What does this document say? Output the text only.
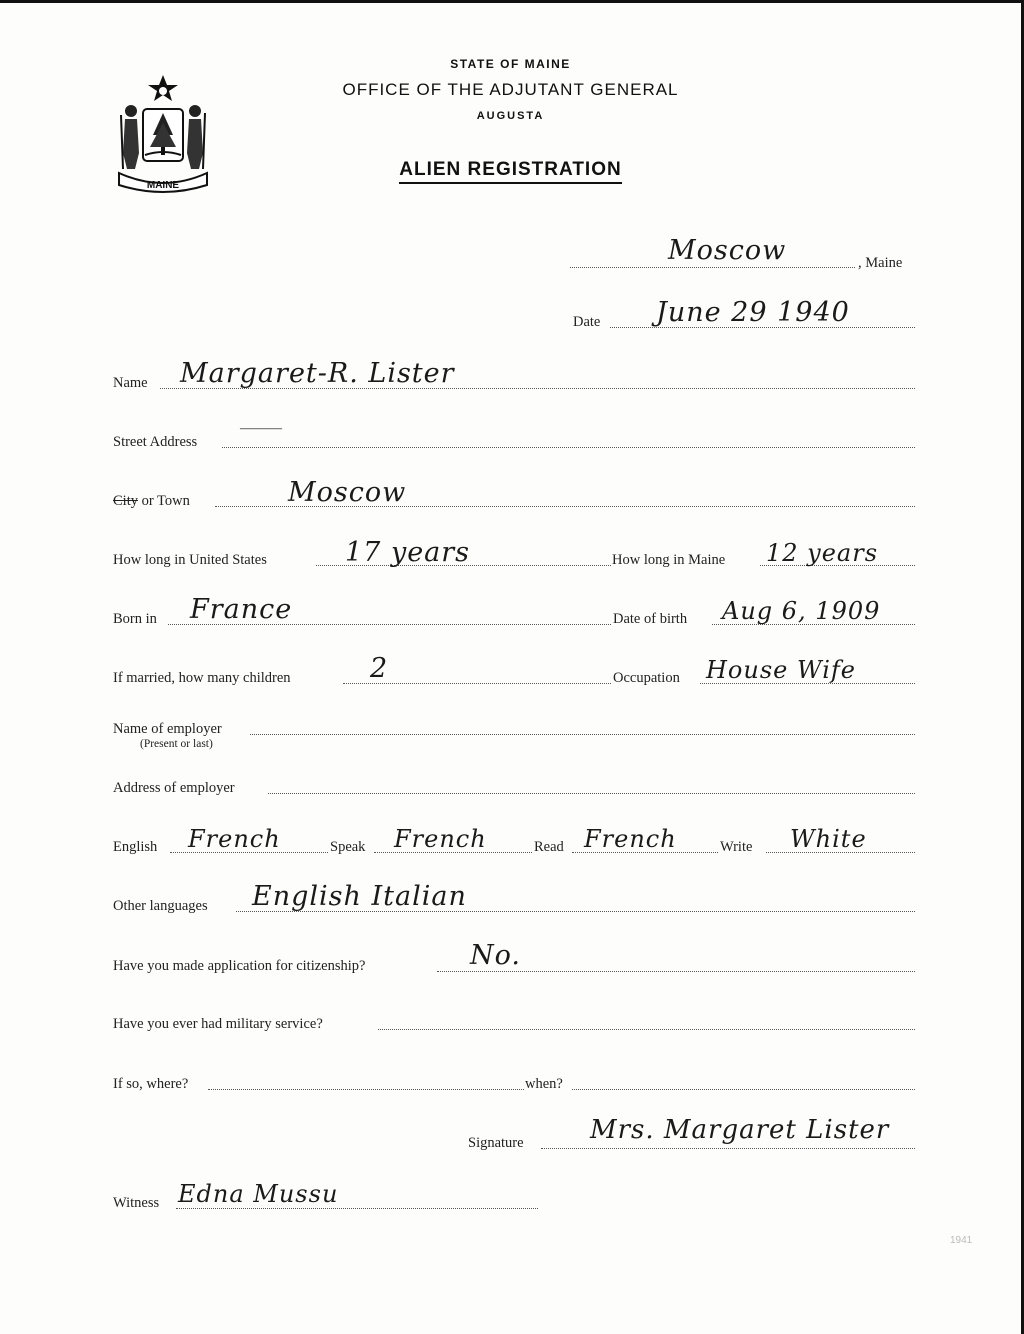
MAINE
STATE OF MAINE
OFFICE OF THE ADJUTANT GENERAL
AUGUSTA
ALIEN REGISTRATION
Moscow	, Maine
Date June 29 1940
Name Margaret-R. Lister
Street Address
———
City or Town	Moscow
How long in United States	17 years	How long in Maine 12 years
Born in France	Date of birth Aug 6, 1909
If married, how many children	2	Occupation House Wife
Name of employer
(Present or last)
Address of employer
English French	Speak French	Read French	Write White
Other languages English Italian
Have you made application for citizenship?	No.
Have you ever had military service?
If so, where?	when?
Signature	Mrs. Margaret Lister
Witness Edna Mussu
1941
